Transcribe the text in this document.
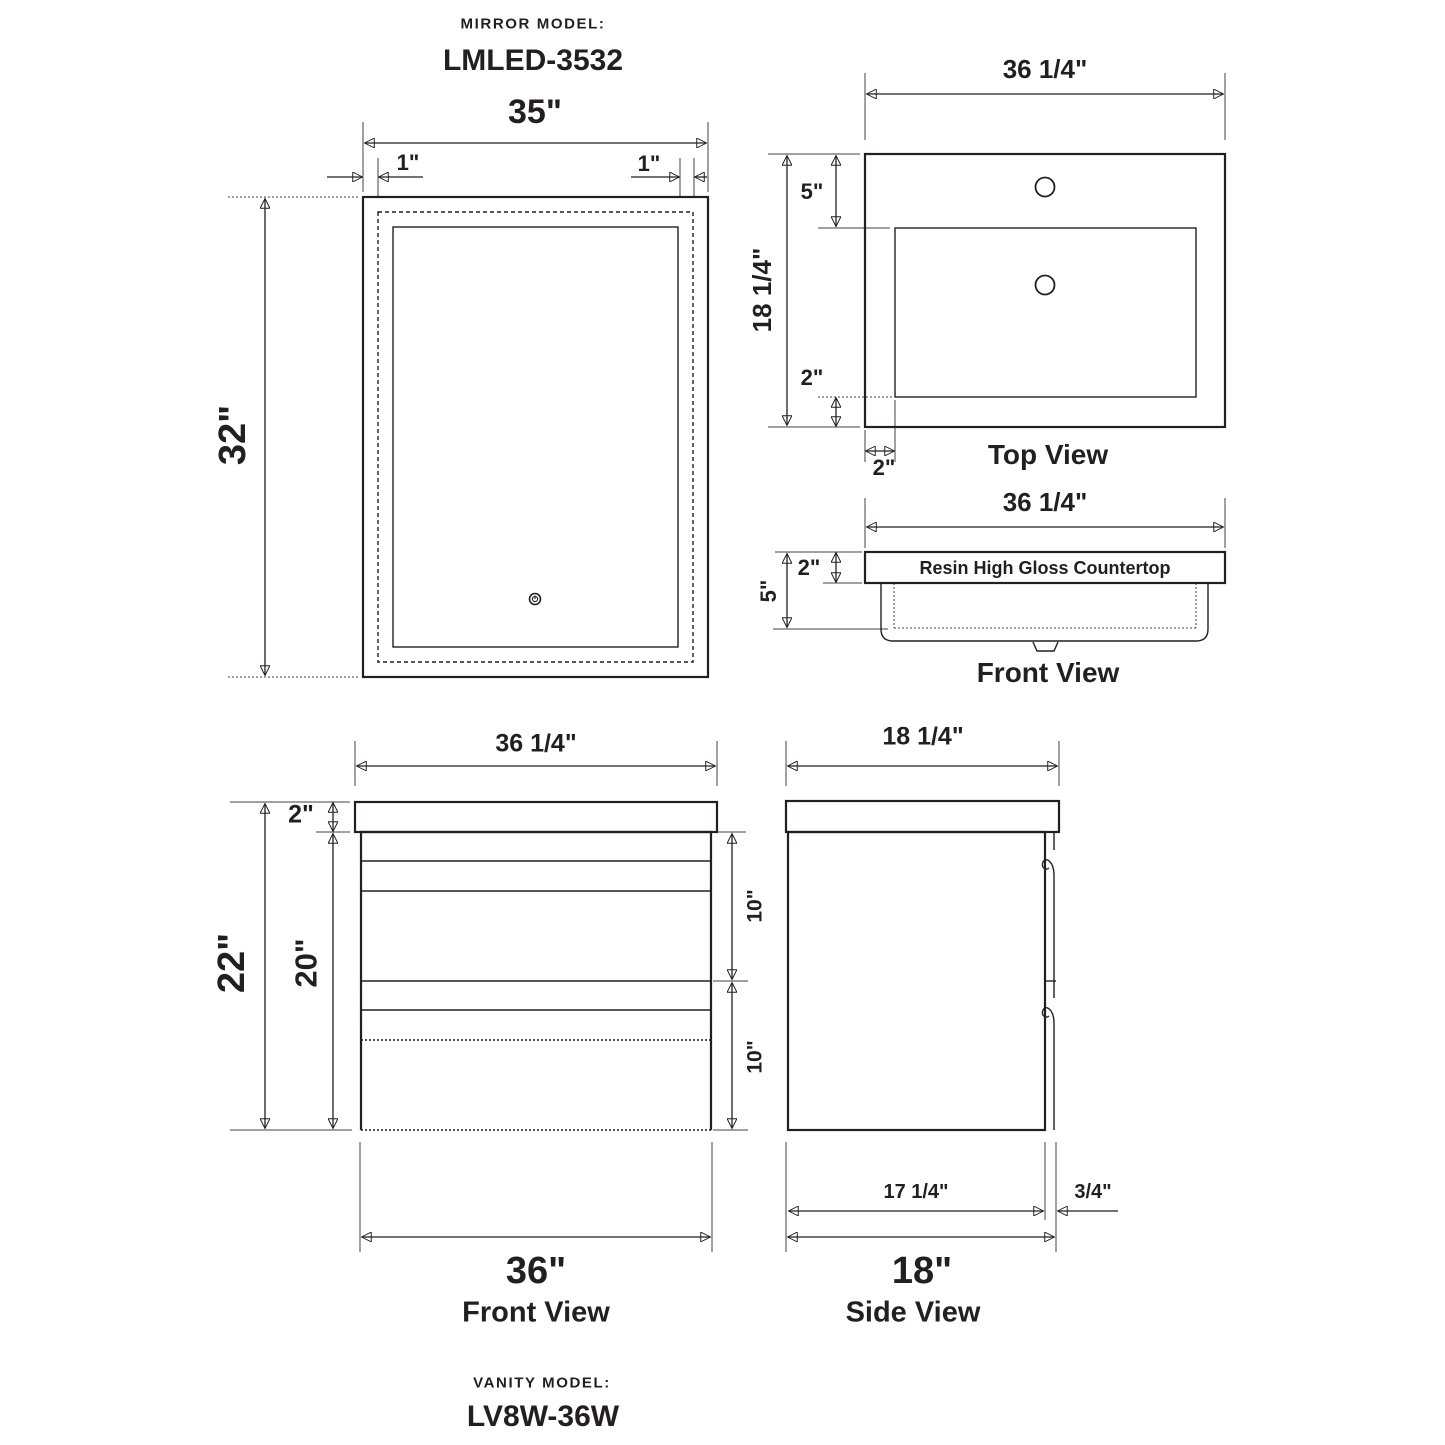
MIRROR MODEL:
LMLED-3532
35"
1"	1"
32"
36 1/4"
18 1/4"
5"
2"
2"	Top View
36 1/4"
Resin High Gloss Countertop
2"
5"
Front View
36 1/4"
2"
22" 20"
10"
10"
36"
Front View
18 1/4"
17 1/4"	3/4"
18"
Side View
VANITY MODEL:
LV8W-36W
